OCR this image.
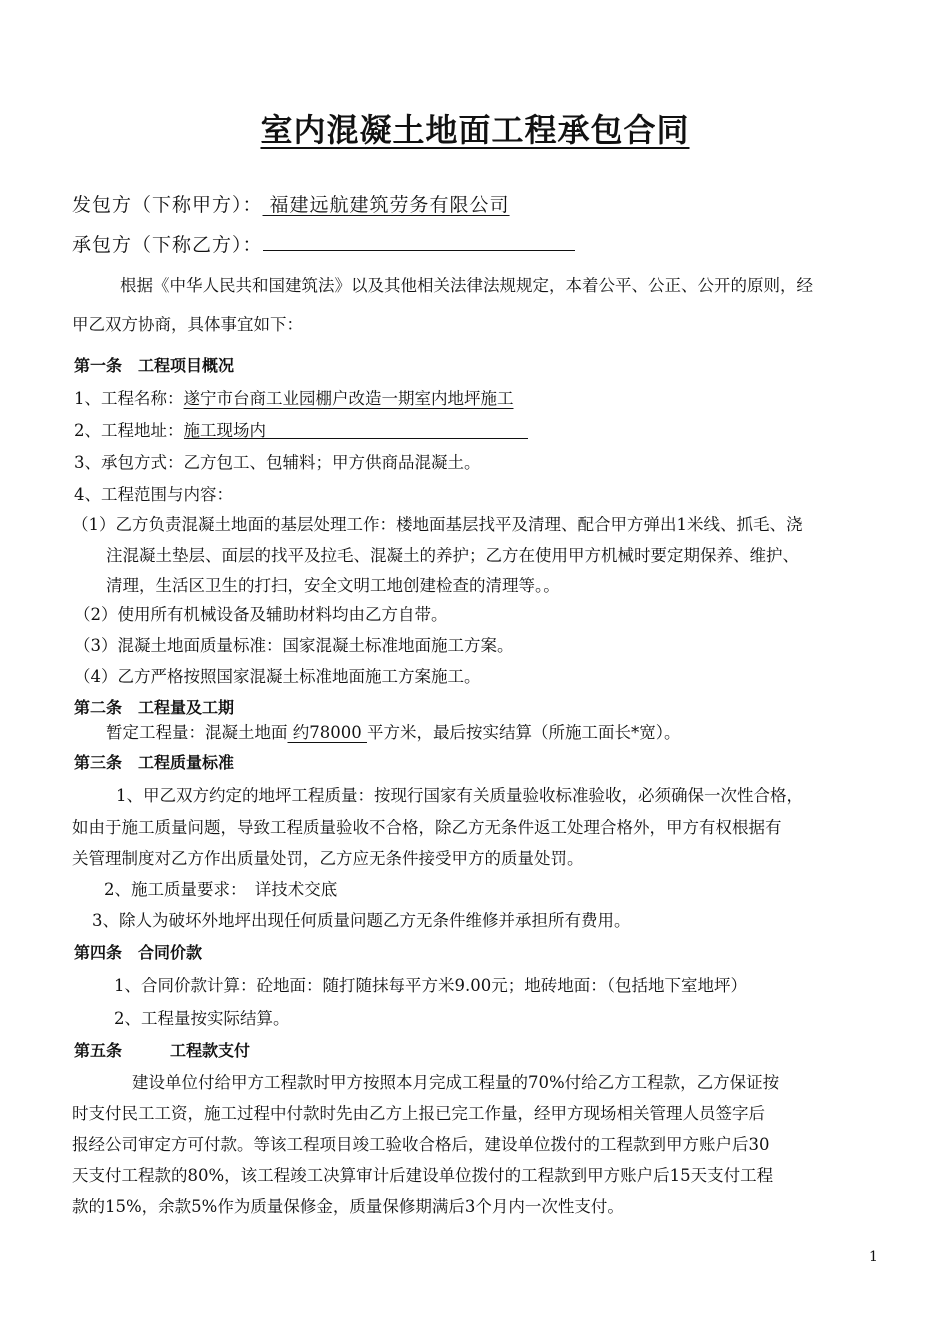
室内混凝土地面工程承包合同
发包方（下称甲方）： 福建远航建筑劳务有限公司
承包方（下称乙方）：
根据《中华人民共和国建筑法》以及其他相关法律法规规定，本着公平、公正、公开的原则，经
甲乙双方协商，具体事宜如下：
第一条　工程项目概况
1、工程名称：遂宁市台商工业园棚户改造一期室内地坪施工
2、工程地址：施工现场内
3、承包方式：乙方包工、包辅料；甲方供商品混凝土。
4、工程范围与内容：
（1）乙方负责混凝土地面的基层处理工作：楼地面基层找平及清理、配合甲方弹出1米线、抓毛、浇
注混凝土垫层、面层的找平及拉毛、混凝土的养护；乙方在使用甲方机械时要定期保养、维护、
清理，生活区卫生的打扫，安全文明工地创建检查的清理等。。
（2）使用所有机械设备及辅助材料均由乙方自带。
（3）混凝土地面质量标准：国家混凝土标准地面施工方案。
（4）乙方严格按照国家混凝土标准地面施工方案施工。
第二条　工程量及工期
暂定工程量：混凝土地面 约78000 平方米，最后按实结算（所施工面长*宽）。
第三条　工程质量标准
1、甲乙双方约定的地坪工程质量：按现行国家有关质量验收标准验收，必须确保一次性合格，
如由于施工质量问题，导致工程质量验收不合格，除乙方无条件返工处理合格外，甲方有权根据有
关管理制度对乙方作出质量处罚，乙方应无条件接受甲方的质量处罚。
2、施工质量要求：　详技术交底
3、除人为破坏外地坪出现任何质量问题乙方无条件维修并承担所有费用。
第四条　合同价款
1、合同价款计算：砼地面：随打随抹每平方米9.00元；地砖地面：（包括地下室地坪）
2、工程量按实际结算。
第五条　　　工程款支付
建设单位付给甲方工程款时甲方按照本月完成工程量的70%付给乙方工程款，乙方保证按
时支付民工工资，施工过程中付款时先由乙方上报已完工作量，经甲方现场相关管理人员签字后
报经公司审定方可付款。等该工程项目竣工验收合格后，建设单位拨付的工程款到甲方账户后30
天支付工程款的80%，该工程竣工决算审计后建设单位拨付的工程款到甲方账户后15天支付工程
款的15%，余款5%作为质量保修金，质量保修期满后3个月内一次性支付。
1
